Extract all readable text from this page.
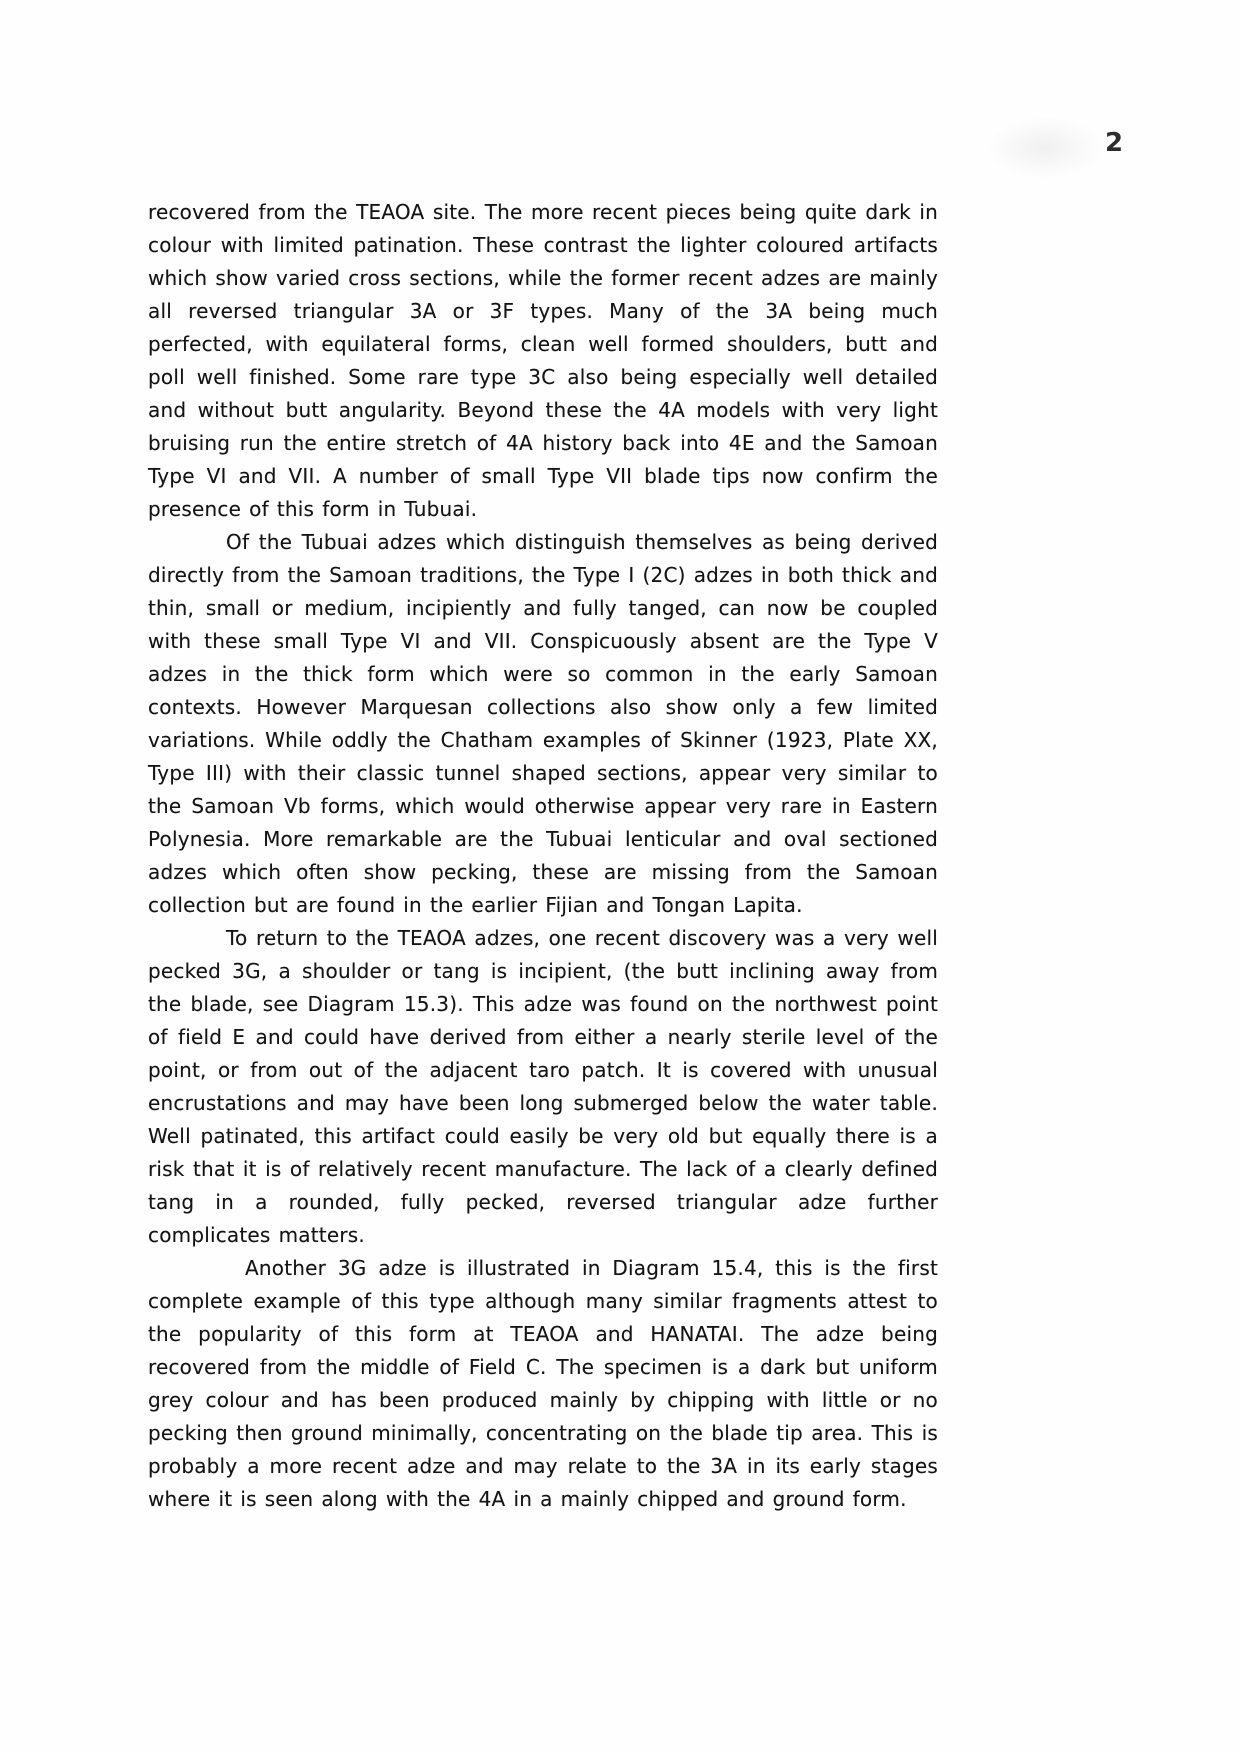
2

recovered from the TEAOA site. The more recent pieces being quite dark in colour with limited patination. These contrast the lighter coloured artifacts which show varied cross sections, while the former recent adzes are mainly all reversed triangular 3A or 3F types. Many of the 3A being much perfected, with equilateral forms, clean well formed shoulders, butt and poll well finished. Some rare type 3C also being especially well detailed and without butt angularity. Beyond these the 4A models with very light bruising run the entire stretch of 4A history back into 4E and the Samoan Type VI and VII. A number of small Type VII blade tips now confirm the presence of this form in Tubuai.

Of the Tubuai adzes which distinguish themselves as being derived directly from the Samoan traditions, the Type I (2C) adzes in both thick and thin, small or medium, incipiently and fully tanged, can now be coupled with these small Type VI and VII. Conspicuously absent are the Type V adzes in the thick form which were so common in the early Samoan contexts. However Marquesan collections also show only a few limited variations. While oddly the Chatham examples of Skinner (1923, Plate XX, Type III) with their classic tunnel shaped sections, appear very similar to the Samoan Vb forms, which would otherwise appear very rare in Eastern Polynesia. More remarkable are the Tubuai lenticular and oval sectioned adzes which often show pecking, these are missing from the Samoan collection but are found in the earlier Fijian and Tongan Lapita.

To return to the TEAOA adzes, one recent discovery was a very well pecked 3G, a shoulder or tang is incipient, (the butt inclining away from the blade, see Diagram 15.3). This adze was found on the northwest point of field E and could have derived from either a nearly sterile level of the point, or from out of the adjacent taro patch. It is covered with unusual encrustations and may have been long submerged below the water table. Well patinated, this artifact could easily be very old but equally there is a risk that it is of relatively recent manufacture. The lack of a clearly defined tang in a rounded, fully pecked, reversed triangular adze further complicates matters.

Another 3G adze is illustrated in Diagram 15.4, this is the first complete example of this type although many similar fragments attest to the popularity of this form at TEAOA and HANATAI. The adze being recovered from the middle of Field C. The specimen is a dark but uniform grey colour and has been produced mainly by chipping with little or no pecking then ground minimally, concentrating on the blade tip area. This is probably a more recent adze and may relate to the 3A in its early stages where it is seen along with the 4A in a mainly chipped and ground form.
